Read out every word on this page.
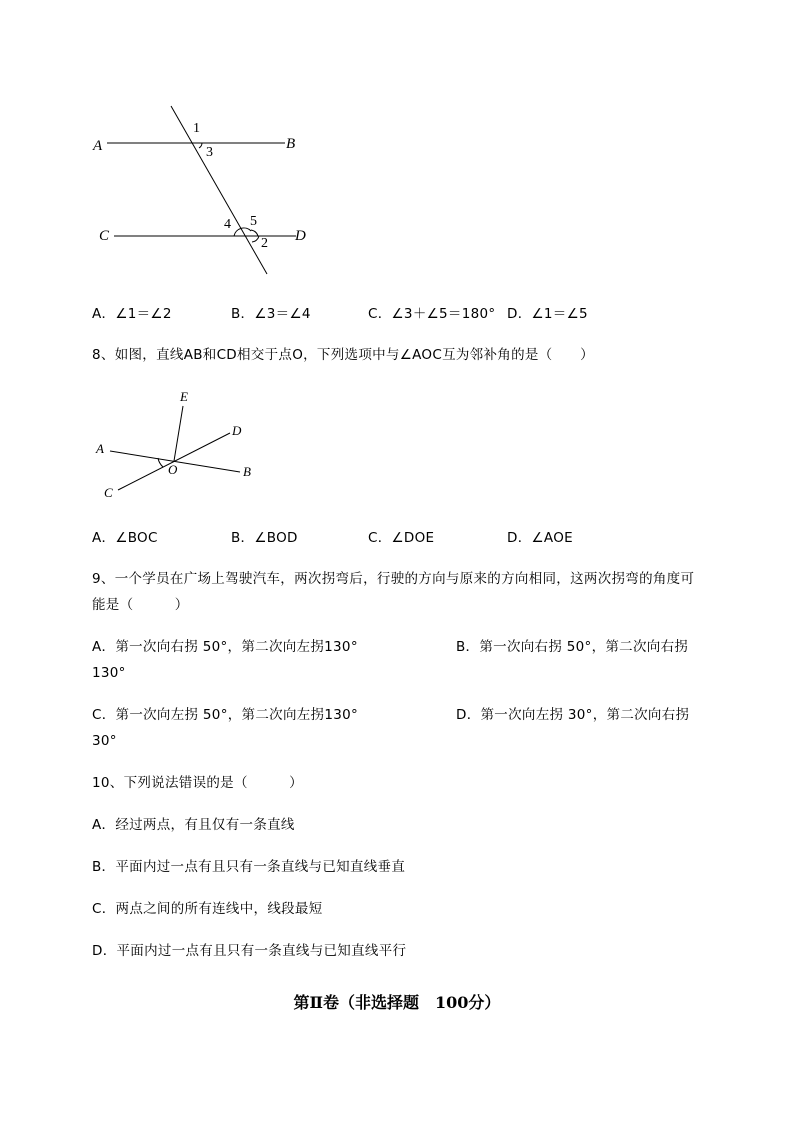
A	B
C	D
1
3
4 5
2
A．∠1＝∠2	B．∠3＝∠4	C．∠3＋∠5＝180° D．∠1＝∠5
8、如图，直线AB和CD相交于点O，下列选项中与∠AOC互为邻补角的是（　　）
E
D
A
O	B
C
A．∠BOC	B．∠BOD	C．∠DOE	D．∠AOE
9、一个学员在广场上驾驶汽车，两次拐弯后，行驶的方向与原来的方向相同，这两次拐弯的角度可
能是（　　　）
A．第一次向右拐 50°，第二次向左拐130°	B．第一次向右拐 50°，第二次向右拐
130°
C．第一次向左拐 50°，第二次向左拐130°	D．第一次向左拐 30°，第二次向右拐
30°
10、下列说法错误的是（　　　）
A．经过两点，有且仅有一条直线
B．平面内过一点有且只有一条直线与已知直线垂直
C．两点之间的所有连线中，线段最短
D．平面内过一点有且只有一条直线与已知直线平行
第Ⅱ卷（非选择题　100分）
